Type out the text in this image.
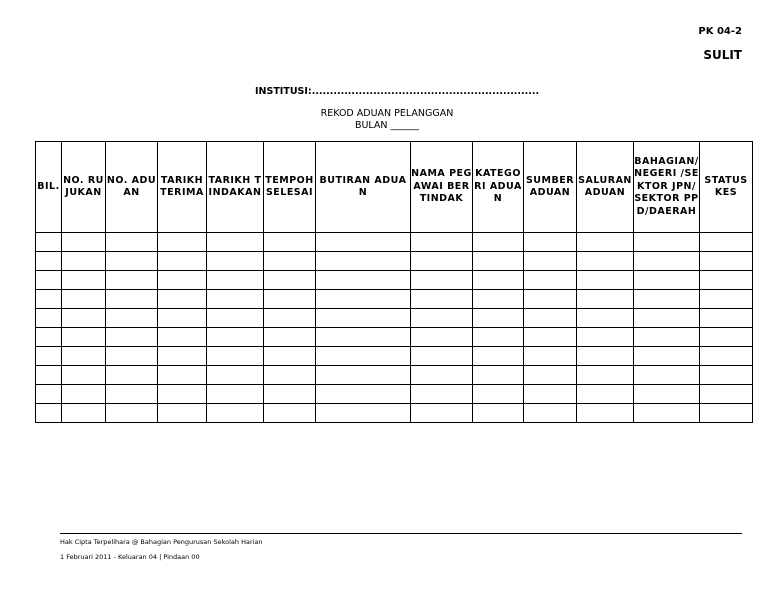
PK 04-2
SULIT
INSTITUSI:...............................................................
REKOD ADUAN PELANGGAN
BULAN ______
BIL.	NO. RUJUKAN	NO. ADUAN	TARIKH TERIMA	TARIKH TINDAKAN	TEMPOH SELESAI	BUTIRAN ADUAN	NAMA PEGAWAI BERTINDAK	KATEGORI ADUAN	SUMBER ADUAN	SALURAN ADUAN	BAHAGIAN/ NEGERI /SEKTOR JPN/SEKTOR PPD/DAERAH	STATUS KES

Hak Cipta Terpelihara @ Bahagian Pengurusan Sekolah Harian
1 Februari 2011 - Keluaran 04 | Pindaan 00
